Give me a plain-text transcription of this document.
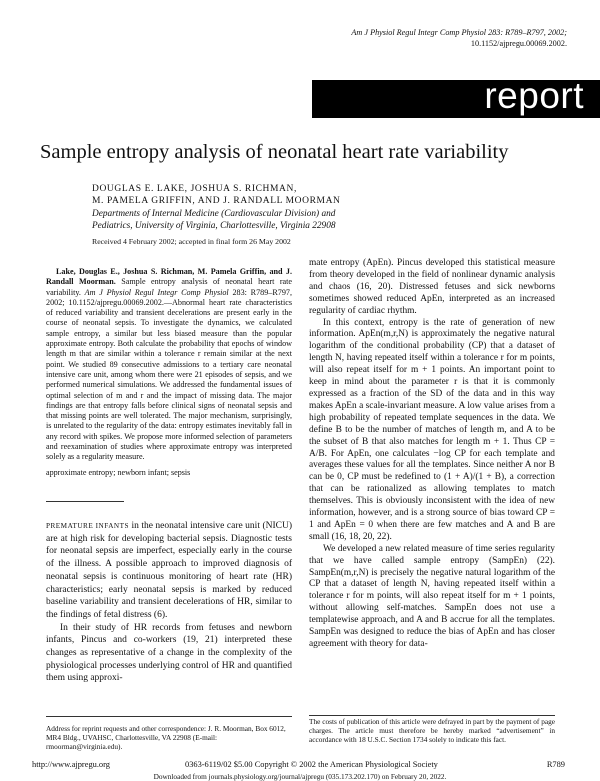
Am J Physiol Regul Integr Comp Physiol 283: R789–R797, 2002;
10.1152/ajpregu.00069.2002.
report
Sample entropy analysis of neonatal heart rate variability
DOUGLAS E. LAKE, JOSHUA S. RICHMAN,
M. PAMELA GRIFFIN, AND J. RANDALL MOORMAN
Departments of Internal Medicine (Cardiovascular Division) and
Pediatrics, University of Virginia, Charlottesville, Virginia 22908
Received 4 February 2002; accepted in final form 26 May 2002

Lake, Douglas E., Joshua S. Richman, M. Pamela Griffin, and J. Randall Moorman. Sample entropy analysis of neonatal heart rate variability. Am J Physiol Regul Integr Comp Physiol 283: R789–R797, 2002; 10.1152/ajpregu.00069.2002.—Abnormal heart rate characteristics of reduced variability and transient decelerations are present early in the course of neonatal sepsis. To investigate the dynamics, we calculated sample entropy, a similar but less biased measure than the popular approximate entropy. Both calculate the probability that epochs of window length m that are similar within a tolerance r remain similar at the next point. We studied 89 consecutive admissions to a tertiary care neonatal intensive care unit, among whom there were 21 episodes of sepsis, and we performed numerical simulations. We addressed the fundamental issues of optimal selection of m and r and the impact of missing data. The major findings are that entropy falls before clinical signs of neonatal sepsis and that missing points are well tolerated. The major mechanism, surprisingly, is unrelated to the regularity of the data: entropy estimates inevitably fall in any record with spikes. We propose more informed selection of parameters and reexamination of studies where approximate entropy was interpreted solely as a regularity measure.

approximate entropy; newborn infant; sepsis

PREMATURE INFANTS in the neonatal intensive care unit (NICU) are at high risk for developing bacterial sepsis. Diagnostic tests for neonatal sepsis are imperfect, especially early in the course of the illness. A possible approach to improved diagnosis of neonatal sepsis is continuous monitoring of heart rate (HR) characteristics; early neonatal sepsis is marked by reduced baseline variability and transient decelerations of HR, similar to the findings of fetal distress (6).

In their study of HR records from fetuses and newborn infants, Pincus and co-workers (19, 21) interpreted these changes as representative of a change in the complexity of the physiological processes underlying control of HR and quantified them using approxi-

mate entropy (ApEn). Pincus developed this statistical measure from theory developed in the field of nonlinear dynamic analysis and chaos (16, 20). Distressed fetuses and sick newborns sometimes showed reduced ApEn, interpreted as an increased regularity of cardiac rhythm.

In this context, entropy is the rate of generation of new information. ApEn(m,r,N) is approximately the negative natural logarithm of the conditional probability (CP) that a dataset of length N, having repeated itself within a tolerance r for m points, will also repeat itself for m + 1 points. An important point to keep in mind about the parameter r is that it is commonly expressed as a fraction of the SD of the data and in this way makes ApEn a scale-invariant measure. A low value arises from a high probability of repeated template sequences in the data. We define B to be the number of matches of length m, and A to be the subset of B that also matches for length m + 1. Thus CP = A/B. For ApEn, one calculates −log CP for each template and averages these values for all the templates. Since neither A nor B can be 0, CP must be redefined to (1 + A)/(1 + B), a correction that can be rationalized as allowing templates to match themselves. This is obviously inconsistent with the idea of new information, however, and is a strong source of bias toward CP = 1 and ApEn = 0 when there are few matches and A and B are small (16, 18, 20, 22).

We developed a new related measure of time series regularity that we have called sample entropy (SampEn) (22). SampEn(m,r,N) is precisely the negative natural logarithm of the CP that a dataset of length N, having repeated itself within a tolerance r for m points, will also repeat itself for m + 1 points, without allowing self-matches. SampEn does not use a templatewise approach, and A and B accrue for all the templates. SampEn was designed to reduce the bias of ApEn and has closer agreement with theory for data-

Address for reprint requests and other correspondence: J. R. Moorman, Box 6012, MR4 Bldg., UVAHSC, Charlottesville, VA 22908 (E-mail: rmoorman@virginia.edu).
The costs of publication of this article were defrayed in part by the payment of page charges. The article must therefore be hereby marked “advertisement” in accordance with 18 U.S.C. Section 1734 solely to indicate this fact.
http://www.ajpregu.org	0363-6119/02 $5.00 Copyright © 2002 the American Physiological Society	R789
Downloaded from journals.physiology.org/journal/ajpregu (035.173.202.170) on February 20, 2022.
